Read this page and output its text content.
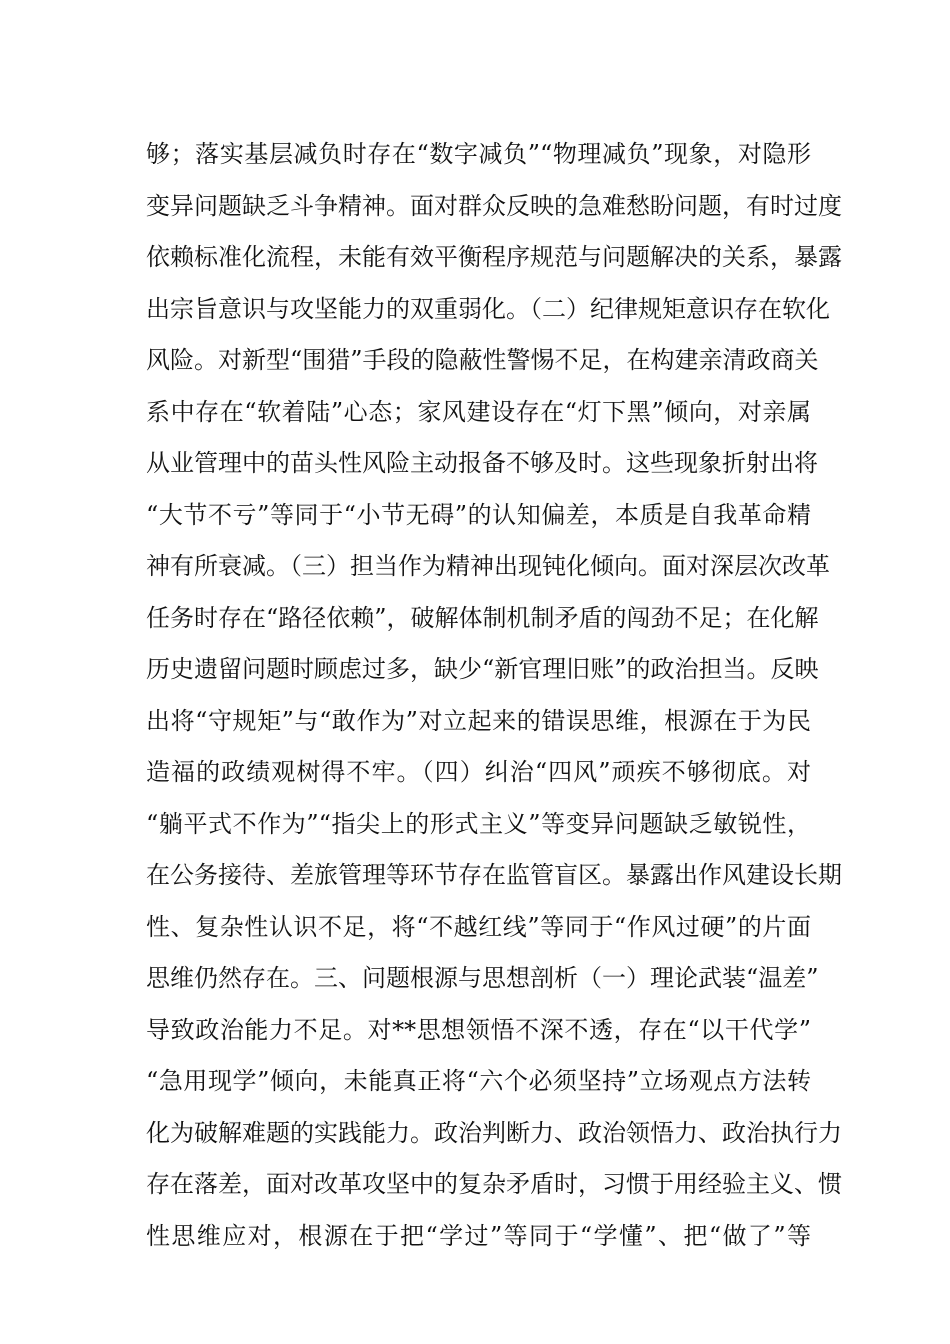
够；落实基层减负时存在“数字减负”“物理减负”现象，对隐形
变异问题缺乏斗争精神。面对群众反映的急难愁盼问题，有时过度
依赖标准化流程，未能有效平衡程序规范与问题解决的关系，暴露
出宗旨意识与攻坚能力的双重弱化。（二）纪律规矩意识存在软化
风险。对新型“围猎”手段的隐蔽性警惕不足，在构建亲清政商关
系中存在“软着陆”心态；家风建设存在“灯下黑”倾向，对亲属
从业管理中的苗头性风险主动报备不够及时。这些现象折射出将
“大节不亏”等同于“小节无碍”的认知偏差，本质是自我革命精
神有所衰减。（三）担当作为精神出现钝化倾向。面对深层次改革
任务时存在“路径依赖”，破解体制机制矛盾的闯劲不足；在化解
历史遗留问题时顾虑过多，缺少“新官理旧账”的政治担当。反映
出将“守规矩”与“敢作为”对立起来的错误思维，根源在于为民
造福的政绩观树得不牢。（四）纠治“四风”顽疾不够彻底。对
“躺平式不作为”“指尖上的形式主义”等变异问题缺乏敏锐性，
在公务接待、差旅管理等环节存在监管盲区。暴露出作风建设长期
性、复杂性认识不足，将“不越红线”等同于“作风过硬”的片面
思维仍然存在。三、问题根源与思想剖析（一）理论武装“温差”
导致政治能力不足。对**思想领悟不深不透，存在“以干代学”
“急用现学”倾向，未能真正将“六个必须坚持”立场观点方法转
化为破解难题的实践能力。政治判断力、政治领悟力、政治执行力
存在落差，面对改革攻坚中的复杂矛盾时，习惯于用经验主义、惯
性思维应对，根源在于把“学过”等同于“学懂”、把“做了”等
